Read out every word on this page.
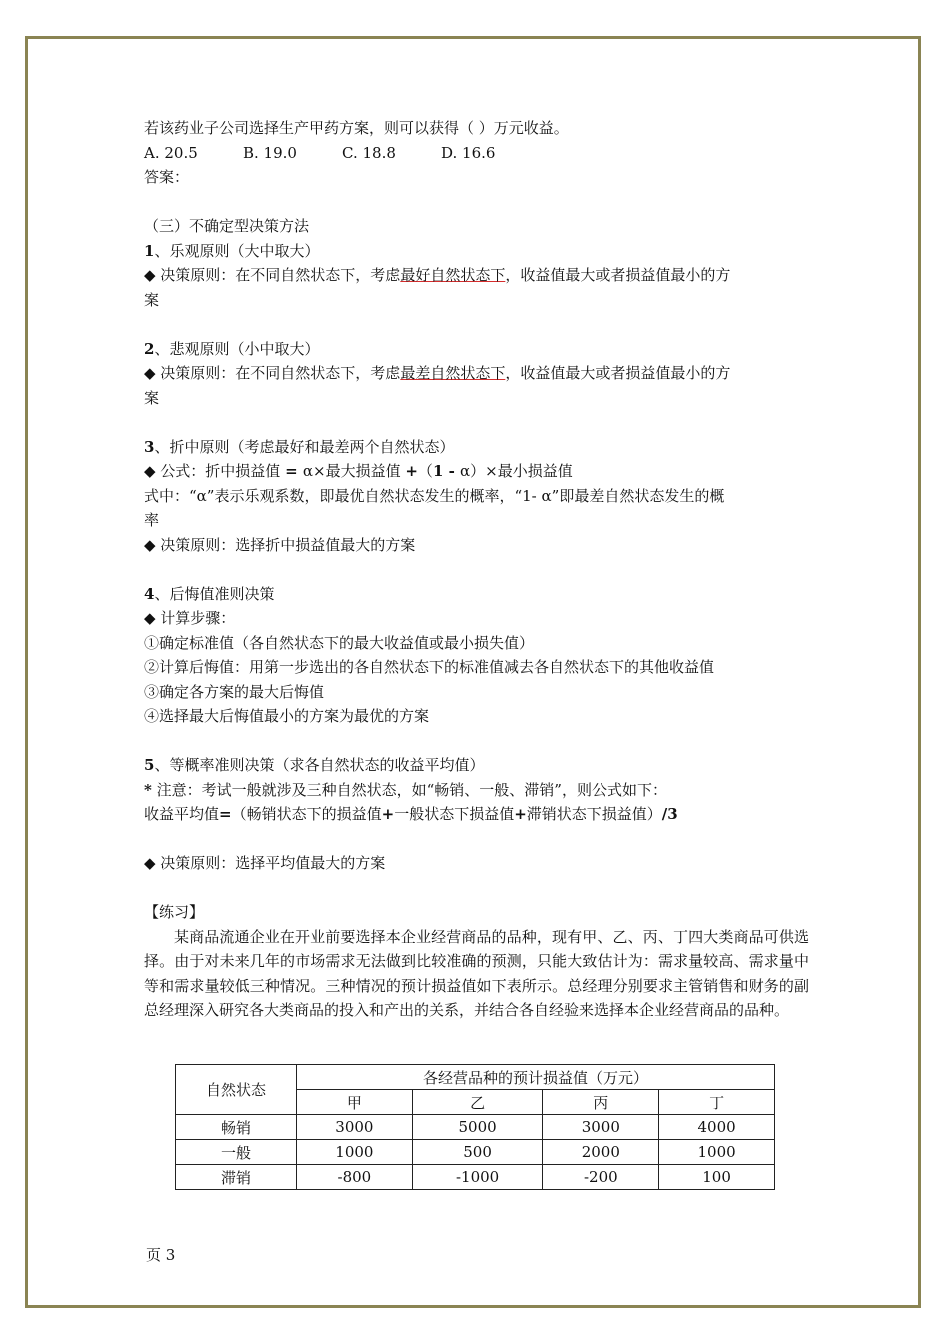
若该药业子公司选择生产甲药方案，则可以获得（ ）万元收益。
A. 20.5	B. 19.0	C. 18.8	D. 16.6
答案：
（三）不确定型决策方法
1、乐观原则（大中取大）
◆ 决策原则：在不同自然状态下，考虑最好自然状态下，收益值最大或者损益值最小的方
案
2、悲观原则（小中取大）
◆ 决策原则：在不同自然状态下，考虑最差自然状态下，收益值最大或者损益值最小的方
案
3、折中原则（考虑最好和最差两个自然状态）
◆ 公式：折中损益值 = α×最大损益值 +（1 - α）×最小损益值
式中：“α”表示乐观系数，即最优自然状态发生的概率，“1- α”即最差自然状态发生的概
率
◆ 决策原则：选择折中损益值最大的方案
4、后悔值准则决策
◆ 计算步骤：
①确定标准值（各自然状态下的最大收益值或最小损失值）
②计算后悔值：用第一步选出的各自然状态下的标准值减去各自然状态下的其他收益值
③确定各方案的最大后悔值
④选择最大后悔值最小的方案为最优的方案
5、等概率准则决策（求各自然状态的收益平均值）
* 注意：考试一般就涉及三种自然状态，如“畅销、一般、滞销”，则公式如下：
收益平均值=（畅销状态下的损益值+一般状态下损益值+滞销状态下损益值）/3
◆ 决策原则：选择平均值最大的方案
【练习】
某商品流通企业在开业前要选择本企业经营商品的品种，现有甲、乙、丙、丁四大类商品可供选择。由于对未来几年的市场需求无法做到比较准确的预测，只能大致估计为：需求量较高、需求量中等和需求量较低三种情况。三种情况的预计损益值如下表所示。总经理分别要求主管销售和财务的副总经理深入研究各大类商品的投入和产出的关系，并结合各自经验来选择本企业经营商品的品种。
自然状态	各经营品种的预计损益值（万元）			
	甲	乙	丙	丁
畅销	3000	5000	3000	4000
一般	1000	500	2000	1000
滞销	-800	-1000	-200	100
页 3
